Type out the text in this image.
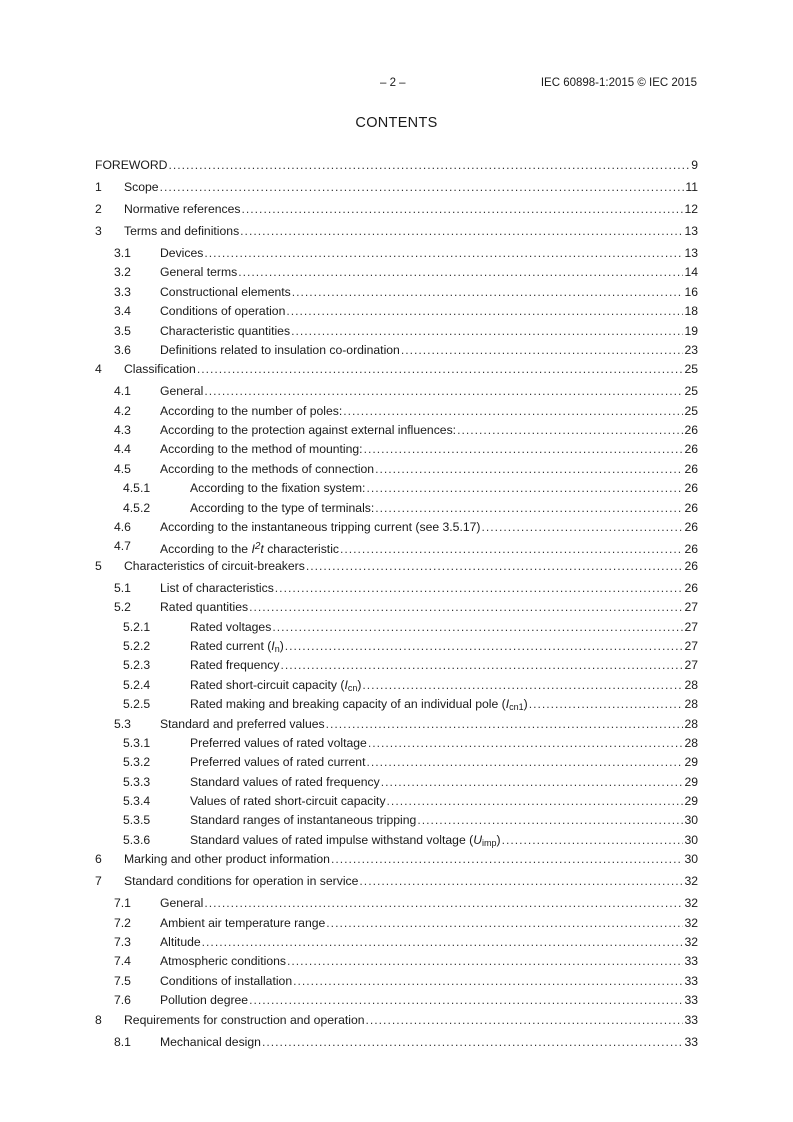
– 2 –	IEC 60898-1:2015 © IEC 2015
CONTENTS
FOREWORD .....	9
1 Scope .....	11
2 Normative references .....	12
3 Terms and definitions .....	13
3.1 Devices .....	13
3.2 General terms .....	14
3.3 Constructional elements .....	16
3.4 Conditions of operation .....	18
3.5 Characteristic quantities .....	19
3.6 Definitions related to insulation co-ordination .....	23
4 Classification .....	25
4.1 General .....	25
4.2 According to the number of poles: .....	25
4.3 According to the protection against external influences: .....	26
4.4 According to the method of mounting: .....	26
4.5 According to the methods of connection .....	26
4.5.1	According to the fixation system: .....	26
4.5.2	According to the type of terminals: .....	26
4.6 According to the instantaneous tripping current (see 3.5.17) .....	26
4.7 According to the $I^2t$ characteristic .....	26
5 Characteristics of circuit-breakers .....	26
5.1 List of characteristics .....	26
5.2 Rated quantities .....	27
5.2.1	Rated voltages .....	27
5.2.2	Rated current $(I_n)$ .....	27
5.2.3	Rated frequency .....	27
5.2.4	Rated short-circuit capacity $(I_{cn})$ .....	28
5.2.5	Rated making and breaking capacity of an individual pole $(I_{cn1})$ .....	28
5.3 Standard and preferred values .....	28
5.3.1	Preferred values of rated voltage .....	28
5.3.2	Preferred values of rated current .....	29
5.3.3	Standard values of rated frequency .....	29
5.3.4	Values of rated short-circuit capacity .....	29
5.3.5	Standard ranges of instantaneous tripping .....	30
5.3.6	Standard values of rated impulse withstand voltage $(U_{imp})$ .....	30
6 Marking and other product information .....	30
7 Standard conditions for operation in service .....	32
7.1 General .....	32
7.2 Ambient air temperature range .....	32
7.3 Altitude .....	32
7.4 Atmospheric conditions .....	33
7.5 Conditions of installation .....	33
7.6 Pollution degree .....	33
8 Requirements for construction and operation .....	33
8.1 Mechanical design .....	33
